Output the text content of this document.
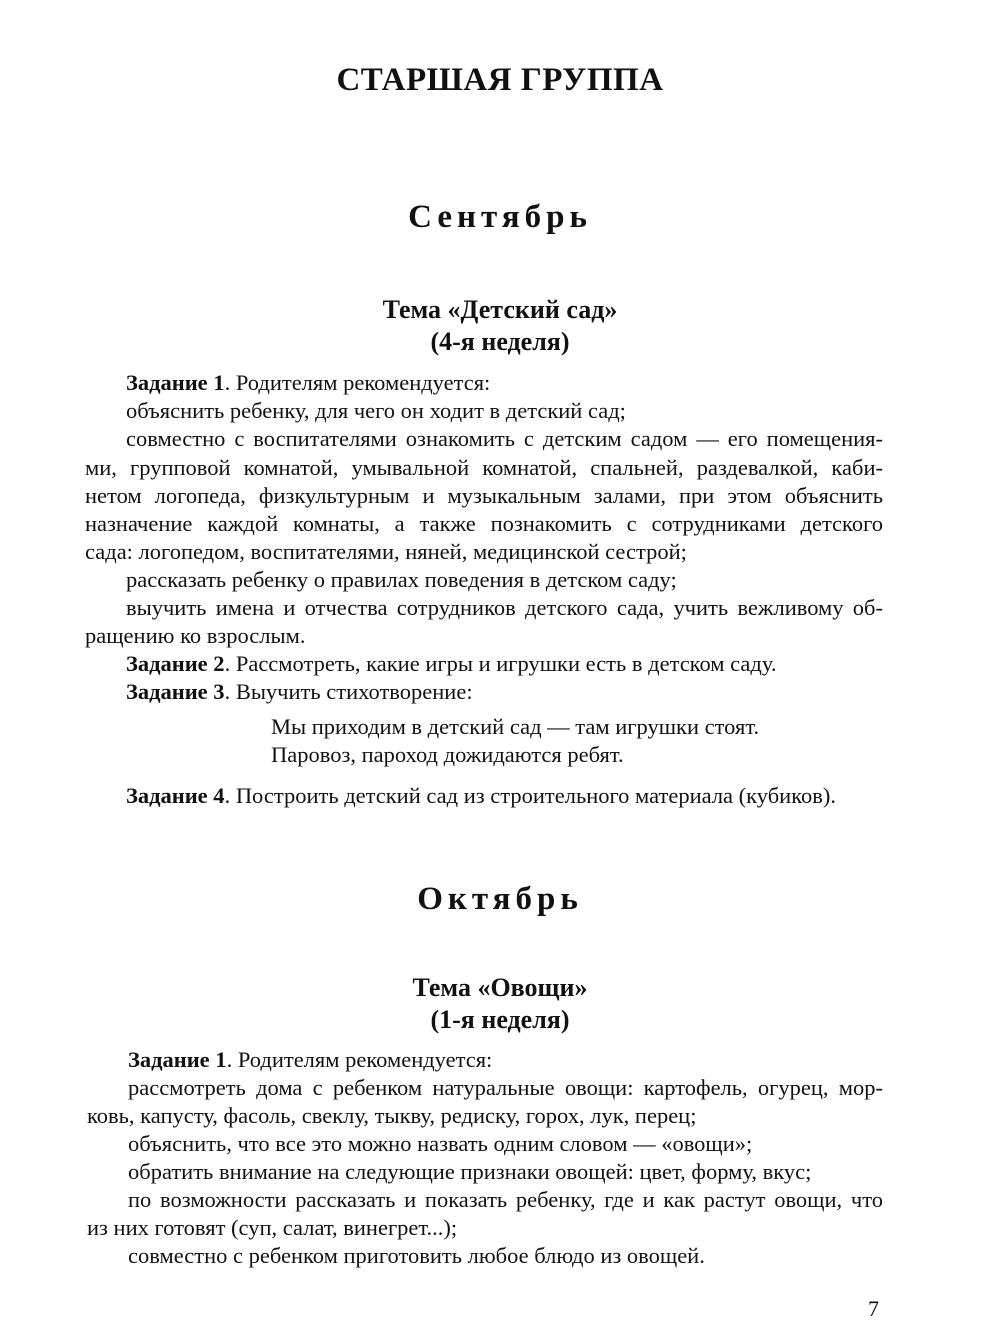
СТАРШАЯ ГРУППА
Сентябрь
Тема «Детский сад»
(4-я неделя)
Задание 1. Родителям рекомендуется:
объяснить ребенку, для чего он ходит в детский сад;
совместно с воспитателями ознакомить с детским садом — его помещения-
ми, групповой комнатой, умывальной комнатой, спальней, раздевалкой, каби-
нетом логопеда, физкультурным и музыкальным залами, при этом объяснить
назначение каждой комнаты, а также познакомить с сотрудниками детского
сада: логопедом, воспитателями, няней, медицинской сестрой;
рассказать ребенку о правилах поведения в детском саду;
выучить имена и отчества сотрудников детского сада, учить вежливому об-
ращению ко взрослым.
Задание 2. Рассмотреть, какие игры и игрушки есть в детском саду.
Задание 3. Выучить стихотворение:
Мы приходим в детский сад — там игрушки стоят.
Паровоз, пароход дожидаются ребят.
Задание 4. Построить детский сад из строительного материала (кубиков).
Октябрь
Тема «Овощи»
(1-я неделя)
Задание 1. Родителям рекомендуется:
рассмотреть дома с ребенком натуральные овощи: картофель, огурец, мор-
ковь, капусту, фасоль, свеклу, тыкву, редиску, горох, лук, перец;
объяснить, что все это можно назвать одним словом — «овощи»;
обратить внимание на следующие признаки овощей: цвет, форму, вкус;
по возможности рассказать и показать ребенку, где и как растут овощи, что
из них готовят (суп, салат, винегрет...);
совместно с ребенком приготовить любое блюдо из овощей.
7
